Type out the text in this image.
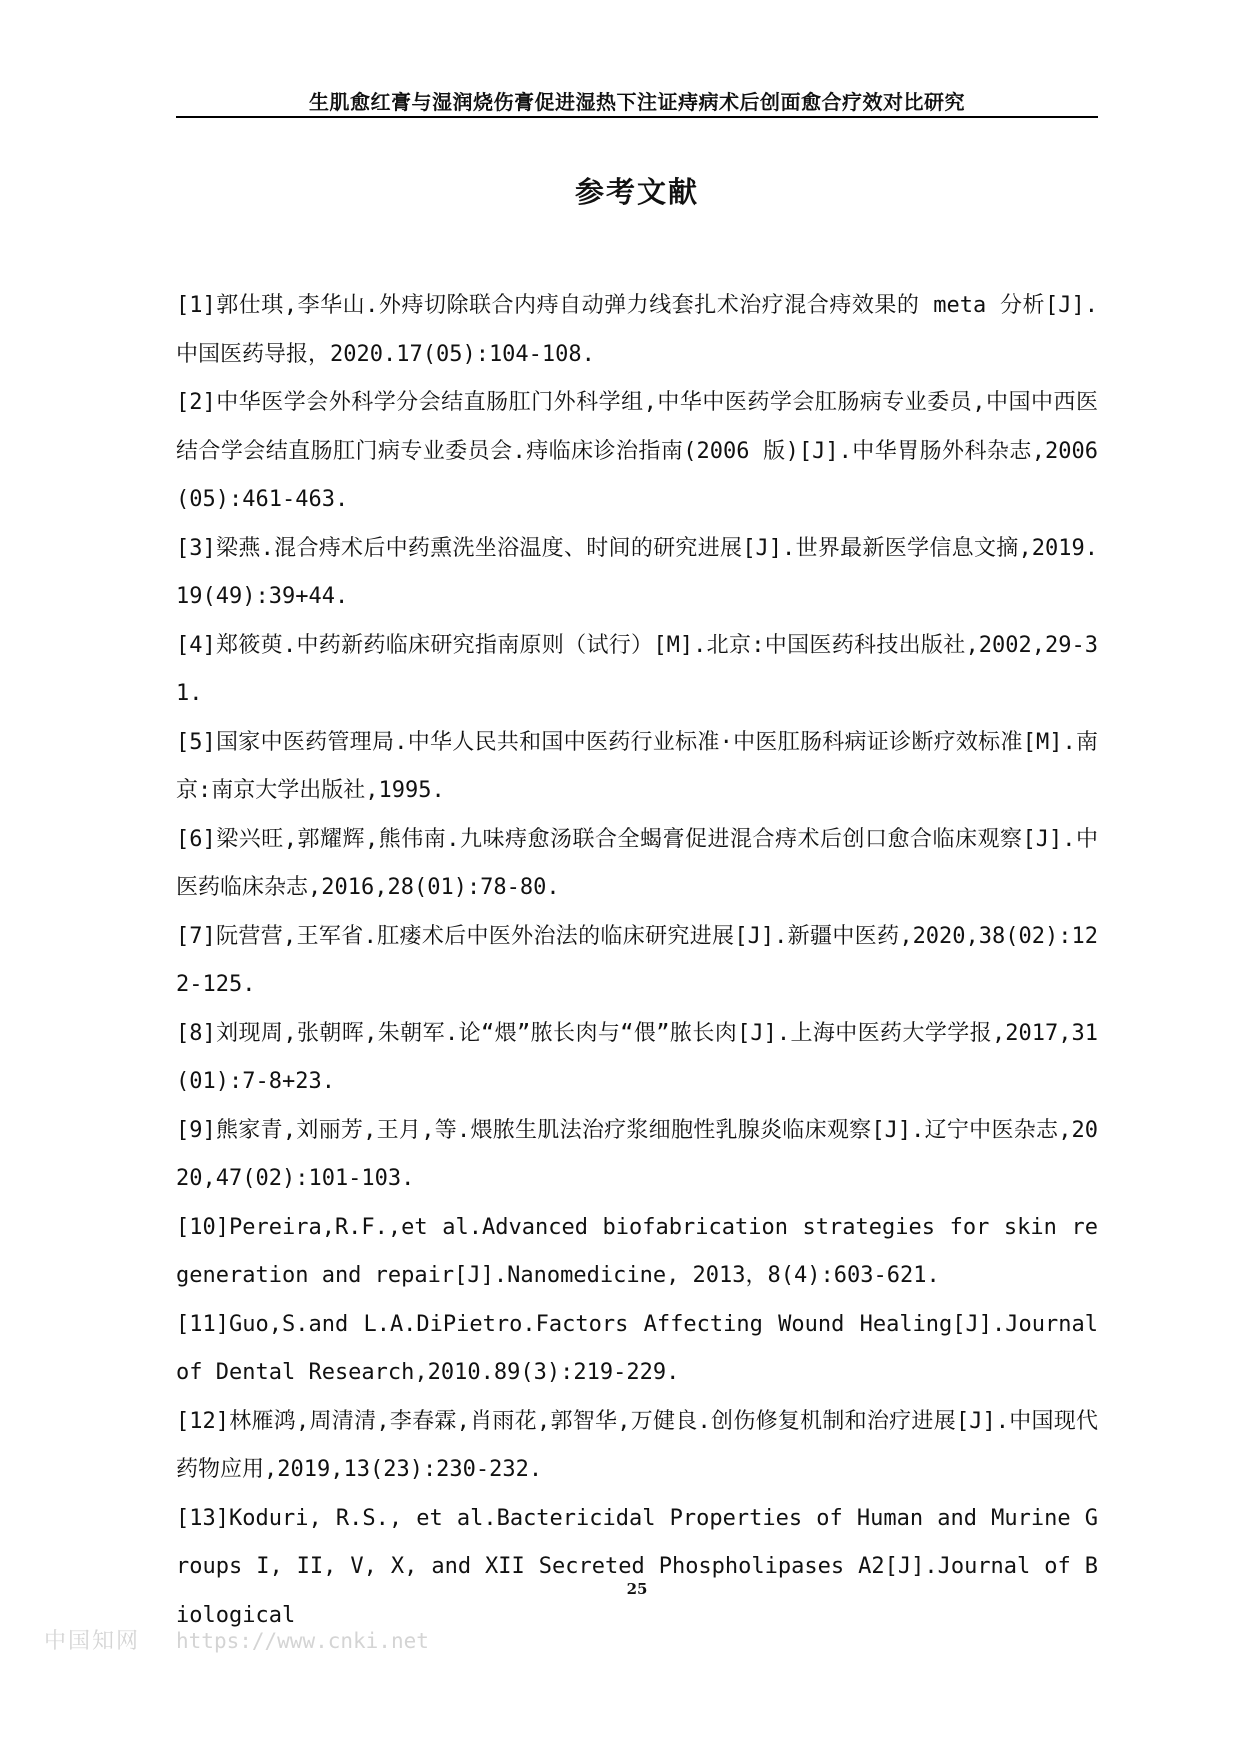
生肌愈红膏与湿润烧伤膏促进湿热下注证痔病术后创面愈合疗效对比研究
参考文献
[1]郭仕琪,李华山.外痔切除联合内痔自动弹力线套扎术治疗混合痔效果的 meta 分析[J].中国医药导报，2020.17(05):104-108.
[2]中华医学会外科学分会结直肠肛门外科学组,中华中医药学会肛肠病专业委员,中国中西医结合学会结直肠肛门病专业委员会.痔临床诊治指南(2006 版)[J].中华胃肠外科杂志,2006(05):461-463.
[3]梁燕.混合痔术后中药熏洗坐浴温度、时间的研究进展[J].世界最新医学信息文摘,2019.19(49):39+44.
[4]郑筱萸.中药新药临床研究指南原则（试行）[M].北京:中国医药科技出版社,2002,29-31.
[5]国家中医药管理局.中华人民共和国中医药行业标准·中医肛肠科病证诊断疗效标准[M].南京:南京大学出版社,1995.
[6]梁兴旺,郭耀辉,熊伟南.九味痔愈汤联合全蝎膏促进混合痔术后创口愈合临床观察[J].中医药临床杂志,2016,28(01):78-80.
[7]阮营营,王军省.肛瘘术后中医外治法的临床研究进展[J].新疆中医药,2020,38(02):122-125.
[8]刘现周,张朝晖,朱朝军.论“煨”脓长肉与“偎”脓长肉[J].上海中医药大学学报,2017,31(01):7-8+23.
[9]熊家青,刘丽芳,王月,等.煨脓生肌法治疗浆细胞性乳腺炎临床观察[J].辽宁中医杂志,2020,47(02):101-103.
[10]Pereira,R.F.,et al.Advanced biofabrication strategies for skin regeneration and repair[J].Nanomedicine, 2013，8(4):603-621.
[11]Guo,S.and L.A.DiPietro.Factors Affecting Wound Healing[J].Journal of Dental Research,2010.89(3):219-229.
[12]林雁鸿,周清清,李春霖,肖雨花,郭智华,万健良.创伤修复机制和治疗进展[J].中国现代药物应用,2019,13(23):230-232.
[13]Koduri, R.S., et al.Bactericidal Properties of Human and Murine Groups I, II, V, X, and XII Secreted Phospholipases A2[J].Journal of Biological
25
中国知网 https://www.cnki.net
